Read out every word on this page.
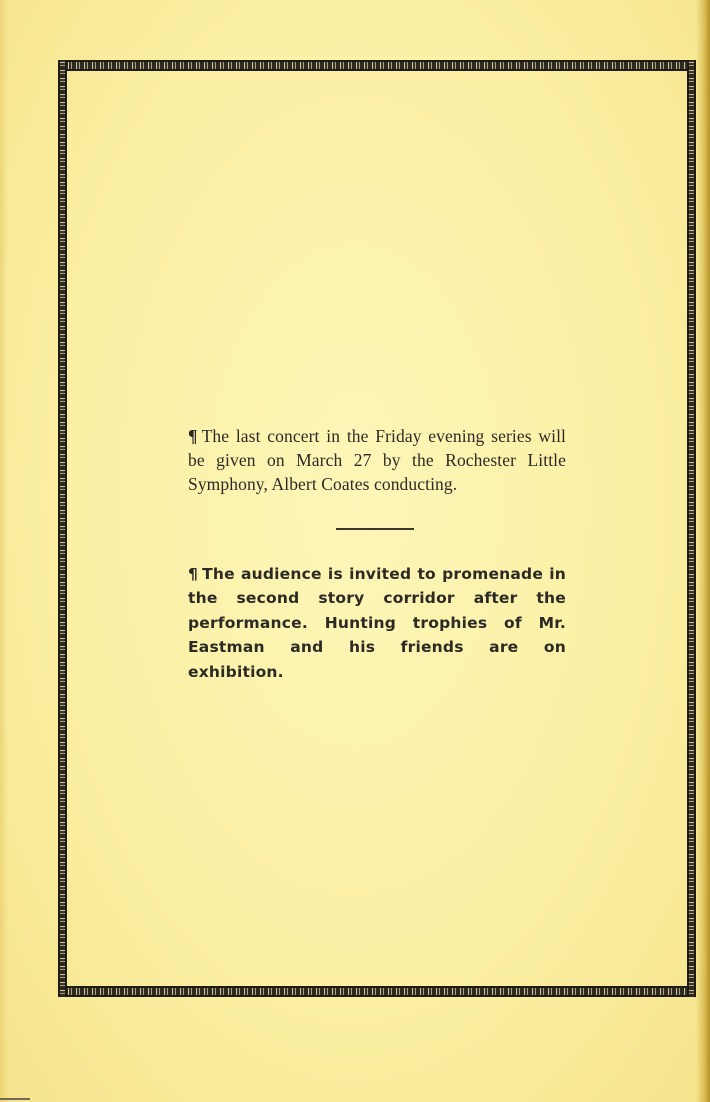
¶ The last concert in the Friday evening series will be given on March 27 by the Rochester Little Symphony, Albert Coates conducting.

¶ The audience is invited to promenade in the second story corridor after the performance. Hunting trophies of Mr. Eastman and his friends are on exhibition.
